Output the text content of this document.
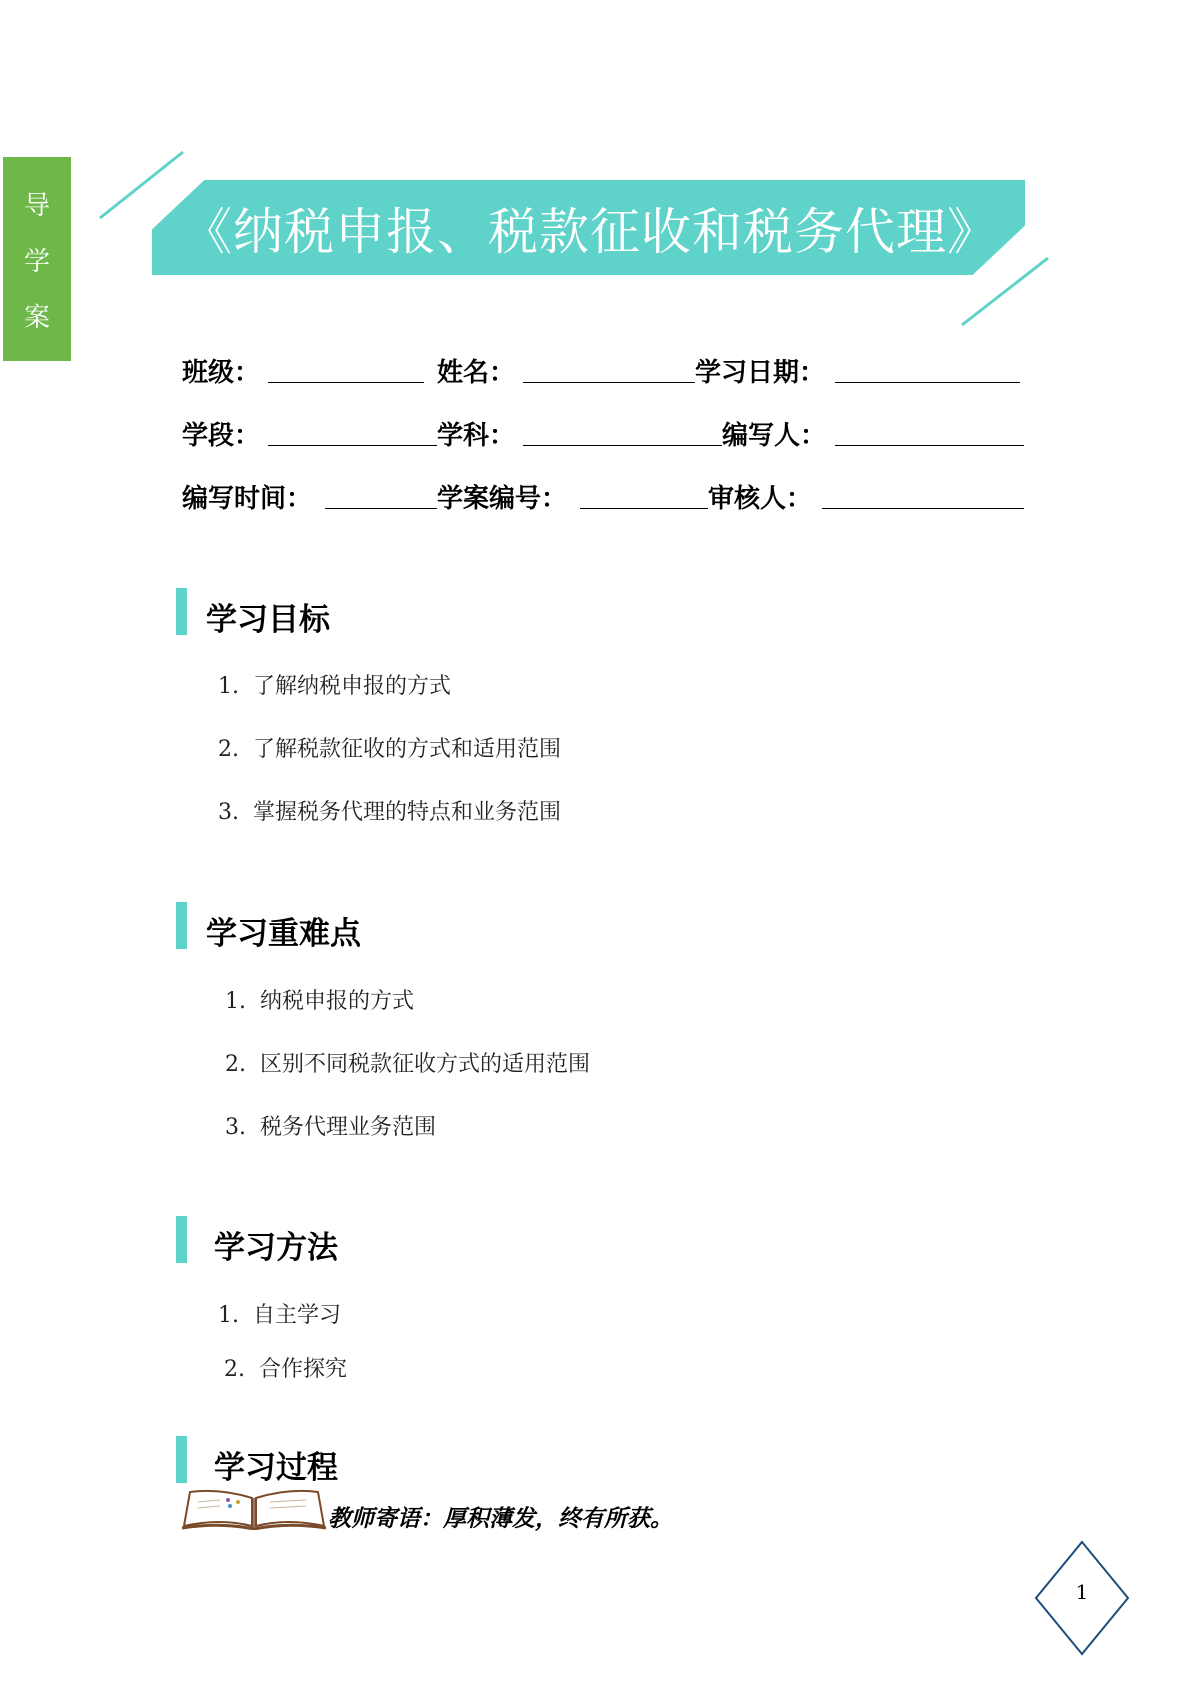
导
学
案
《纳税申报、税款征收和税务代理》
班级：	姓名：	学习日期：
学段：	学科：	编写人：
编写时间：	学案编号：	审核人：
学习目标
1. 了解纳税申报的方式
2. 了解税款征收的方式和适用范围
3. 掌握税务代理的特点和业务范围
学习重难点
1. 纳税申报的方式
2. 区别不同税款征收方式的适用范围
3. 税务代理业务范围
学习方法
1. 自主学习
2. 合作探究
学习过程
教师寄语：厚积薄发，终有所获。
1
